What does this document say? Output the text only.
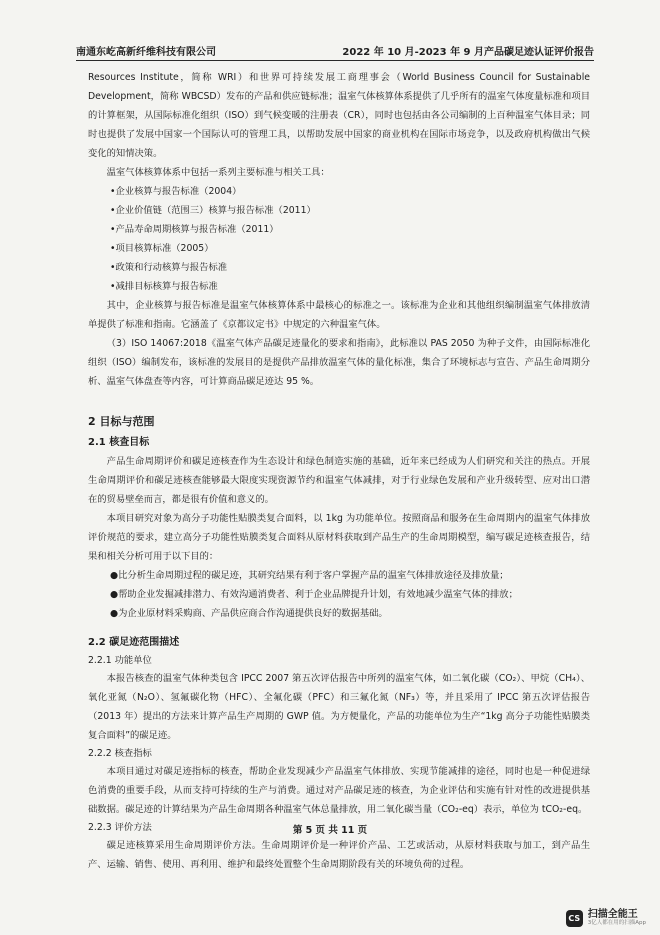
南通东屹高新纤维科技有限公司	2022 年 10 月-2023 年 9 月产品碳足迹认证评价报告

Resources Institute，简称 WRI）和世界可持续发展工商理事会（World Business Council for Sustainable Development，简称 WBCSD）发布的产品和供应链标准；温室气体核算体系提供了几乎所有的温室气体度量标准和项目的计算框架，从国际标准化组织（ISO）到气候变暖的注册表（CR），同时也包括由各公司编制的上百种温室气体目录；同时也提供了发展中国家一个国际认可的管理工具，以帮助发展中国家的商业机构在国际市场竞争，以及政府机构做出气候变化的知情决策。

温室气体核算体系中包括一系列主要标准与相关工具：

•企业核算与报告标准（2004）

•企业价值链（范围三）核算与报告标准（2011）

•产品寿命周期核算与报告标准（2011）

•项目核算标准（2005）

•政策和行动核算与报告标准

•减排目标核算与报告标准

其中，企业核算与报告标准是温室气体核算体系中最核心的标准之一。该标准为企业和其他组织编制温室气体排放清单提供了标准和指南。它涵盖了《京都议定书》中规定的六种温室气体。

（3）ISO 14067:2018《温室气体产品碳足迹量化的要求和指南》，此标准以 PAS 2050 为种子文件，由国际标准化组织（ISO）编制发布，该标准的发展目的是提供产品排放温室气体的量化标准，集合了环境标志与宣告、产品生命周期分析、温室气体盘查等内容，可计算商品碳足迹达 95 %。

2 目标与范围

2.1 核查目标

产品生命周期评价和碳足迹核查作为生态设计和绿色制造实施的基础，近年来已经成为人们研究和关注的热点。开展生命周期评价和碳足迹核查能够最大限度实现资源节约和温室气体减排，对于行业绿色发展和产业升级转型、应对出口潜在的贸易壁垒而言，都是很有价值和意义的。

本项目研究对象为高分子功能性贴膜类复合面料，以 1kg 为功能单位。按照商品和服务在生命周期内的温室气体排放评价规范的要求，建立高分子功能性贴膜类复合面料从原材料获取到产品生产的生命周期模型，编写碳足迹核查报告，结果和相关分析可用于以下目的：

●比分析生命周期过程的碳足迹，其研究结果有利于客户掌握产品的温室气体排放途径及排放量；

●帮助企业发掘减排潜力、有效沟通消费者、利于企业品牌提升计划，有效地减少温室气体的排放；

●为企业原材料采购商、产品供应商合作沟通提供良好的数据基础。

2.2 碳足迹范围描述

2.2.1 功能单位

本报告核查的温室气体种类包含 IPCC 2007 第五次评估报告中所列的温室气体，如二氧化碳（CO₂）、甲烷（CH₄）、氧化亚氮（N₂O）、氢氟碳化物（HFC）、全氟化碳（PFC）和三氟化氮（NF₃）等，并且采用了 IPCC 第五次评估报告（2013 年）提出的方法来计算产品生产周期的 GWP 值。为方便量化，产品的功能单位为生产“1kg 高分子功能性贴膜类复合面料”的碳足迹。

2.2.2 核查指标

本项目通过对碳足迹指标的核查，帮助企业发现减少产品温室气体排放、实现节能减排的途径，同时也是一种促进绿色消费的重要手段，从而支持可持续的生产与消费。通过对产品碳足迹的核查，为企业评估和实施有针对性的改进提供基础数据。碳足迹的计算结果为产品生命周期各种温室气体总量排放，用二氧化碳当量（CO₂-eq）表示，单位为 tCO₂-eq。

2.2.3 评价方法

碳足迹核算采用生命周期评价方法。生命周期评价是一种评价产品、工艺或活动，从原材料获取与加工，到产品生产、运输、销售、使用、再利用、维护和最终处置整个生命周期阶段有关的环境负荷的过程。

第 5 页 共 11 页
CS 扫描全能王
3亿人都在用的扫描App
